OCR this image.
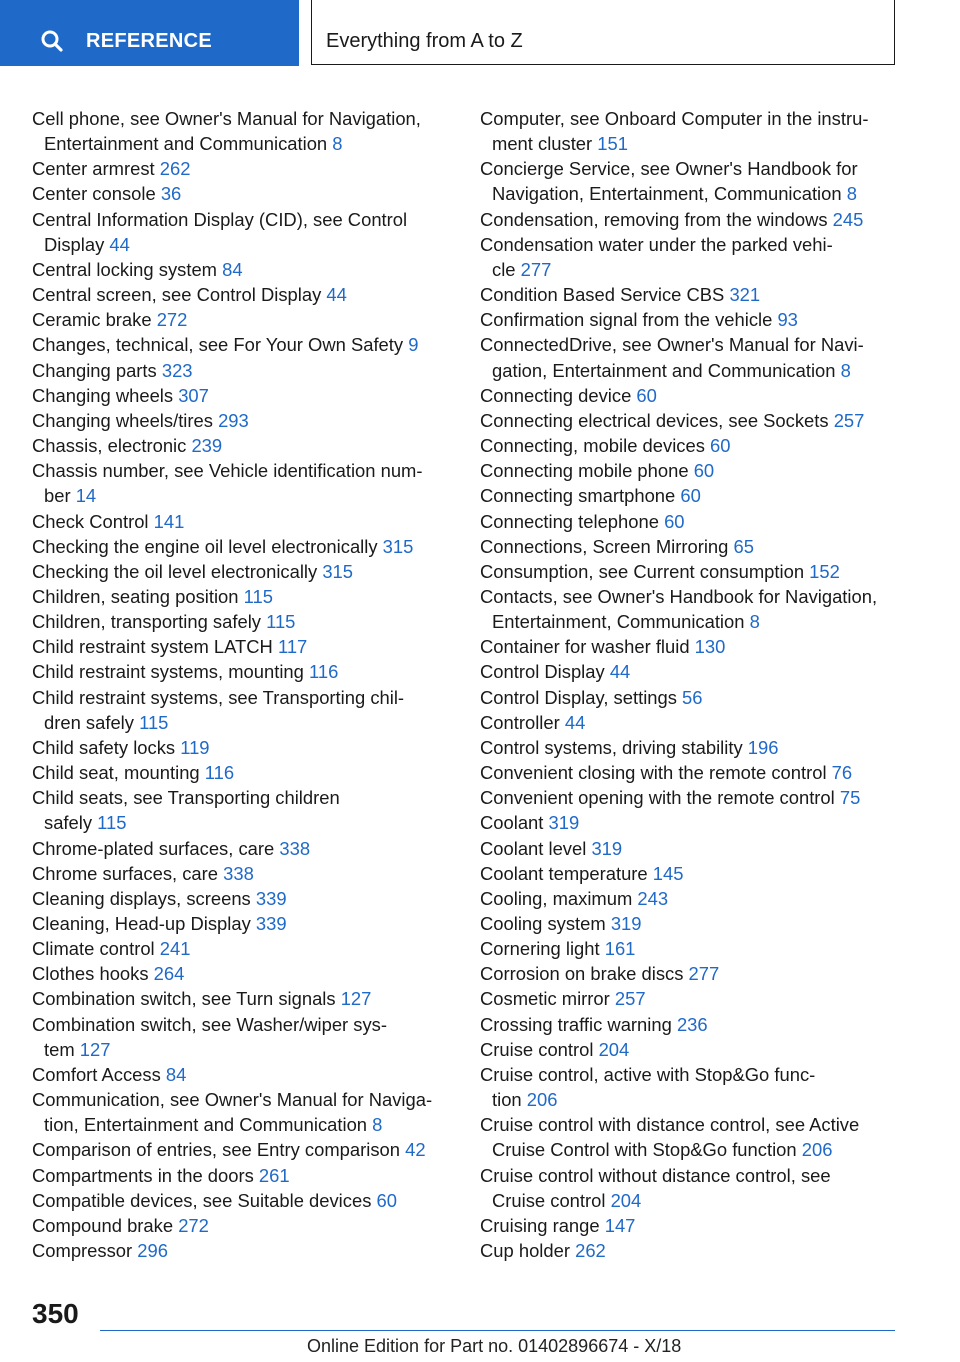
REFERENCE	Everything from A to Z
Cell phone, see Owner's Manual for Navigation,
Entertainment and Communication 8
Center armrest 262
Center console 36
Central Information Display (CID), see Control
Display 44
Central locking system 84
Central screen, see Control Display 44
Ceramic brake 272
Changes, technical, see For Your Own Safety 9
Changing parts 323
Changing wheels 307
Changing wheels/tires 293
Chassis, electronic 239
Chassis number, see Vehicle identification num-
ber 14
Check Control 141
Checking the engine oil level electronically 315
Checking the oil level electronically 315
Children, seating position 115
Children, transporting safely 115
Child restraint system LATCH 117
Child restraint systems, mounting 116
Child restraint systems, see Transporting chil-
dren safely 115
Child safety locks 119
Child seat, mounting 116
Child seats, see Transporting children
safely 115
Chrome-plated surfaces, care 338
Chrome surfaces, care 338
Cleaning displays, screens 339
Cleaning, Head-up Display 339
Climate control 241
Clothes hooks 264
Combination switch, see Turn signals 127
Combination switch, see Washer/wiper sys-
tem 127
Comfort Access 84
Communication, see Owner's Manual for Naviga-
tion, Entertainment and Communication 8
Comparison of entries, see Entry comparison 42
Compartments in the doors 261
Compatible devices, see Suitable devices 60
Compound brake 272
Compressor 296
Computer, see Onboard Computer in the instru-
ment cluster 151
Concierge Service, see Owner's Handbook for
Navigation, Entertainment, Communication 8
Condensation, removing from the windows 245
Condensation water under the parked vehi-
cle 277
Condition Based Service CBS 321
Confirmation signal from the vehicle 93
ConnectedDrive, see Owner's Manual for Navi-
gation, Entertainment and Communication 8
Connecting device 60
Connecting electrical devices, see Sockets 257
Connecting, mobile devices 60
Connecting mobile phone 60
Connecting smartphone 60
Connecting telephone 60
Connections, Screen Mirroring 65
Consumption, see Current consumption 152
Contacts, see Owner's Handbook for Navigation,
Entertainment, Communication 8
Container for washer fluid 130
Control Display 44
Control Display, settings 56
Controller 44
Control systems, driving stability 196
Convenient closing with the remote control 76
Convenient opening with the remote control 75
Coolant 319
Coolant level 319
Coolant temperature 145
Cooling, maximum 243
Cooling system 319
Cornering light 161
Corrosion on brake discs 277
Cosmetic mirror 257
Crossing traffic warning 236
Cruise control 204
Cruise control, active with Stop&Go func-
tion 206
Cruise control with distance control, see Active
Cruise Control with Stop&Go function 206
Cruise control without distance control, see
Cruise control 204
Cruising range 147
Cup holder 262
350
Online Edition for Part no. 01402896674 - X/18
